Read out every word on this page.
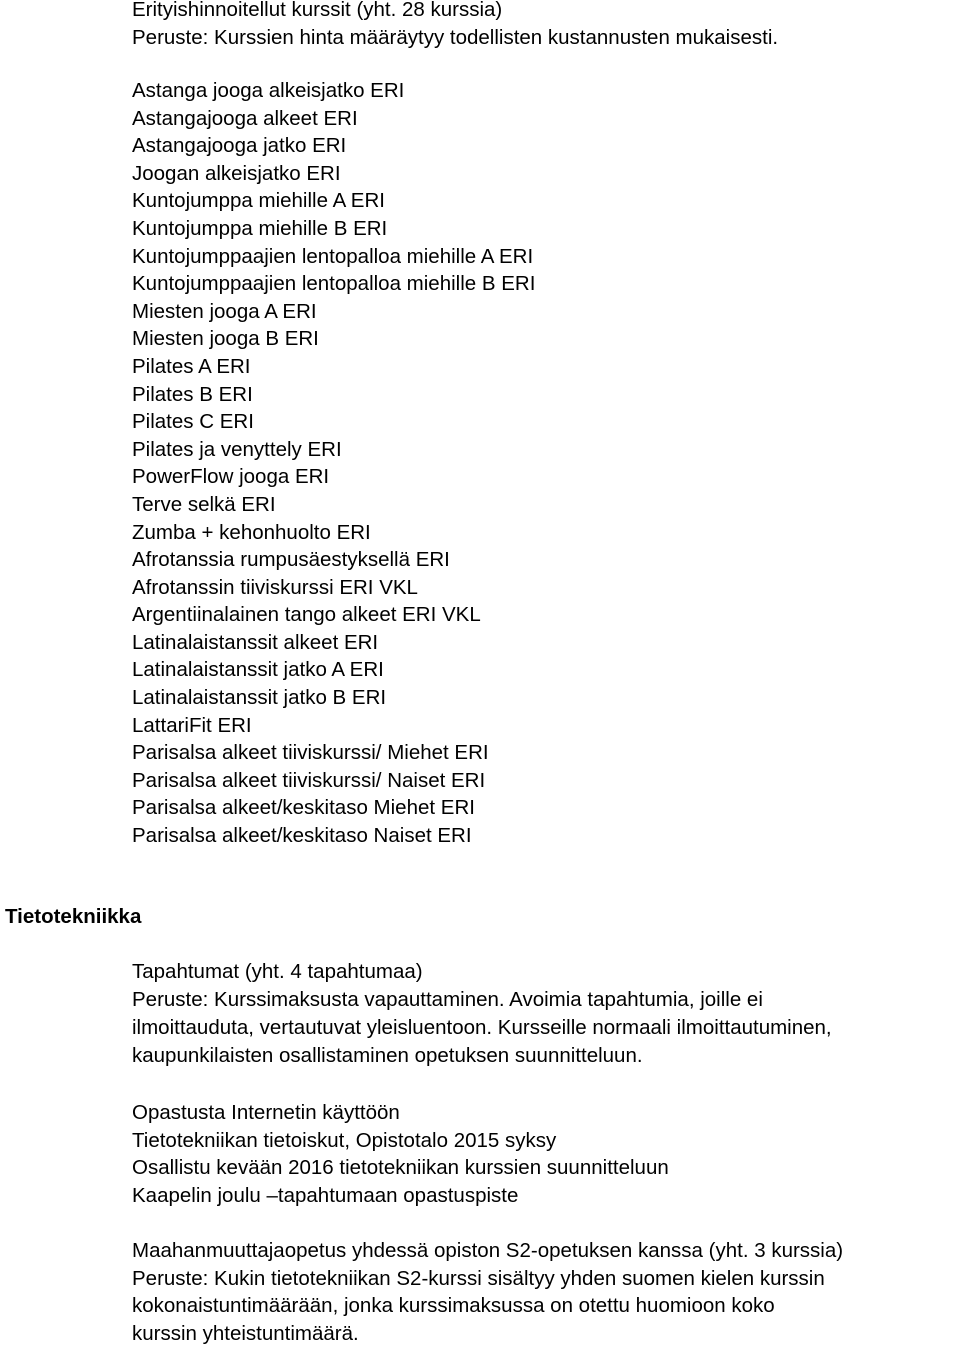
Erityishinnoitellut kurssit (yht. 28 kurssia)
Peruste: Kurssien hinta määräytyy todellisten kustannusten mukaisesti.
Astanga jooga alkeisjatko ERI
Astangajooga alkeet ERI
Astangajooga jatko ERI
Joogan alkeisjatko ERI
Kuntojumppa miehille A ERI
Kuntojumppa miehille B ERI
Kuntojumppaajien lentopalloa miehille A ERI
Kuntojumppaajien lentopalloa miehille B ERI
Miesten jooga A ERI
Miesten jooga B ERI
Pilates A ERI
Pilates B ERI
Pilates C ERI
Pilates ja venyttely ERI
PowerFlow jooga ERI
Terve selkä ERI
Zumba + kehonhuolto ERI
Afrotanssia rumpusäestyksellä ERI
Afrotanssin tiiviskurssi ERI VKL
Argentiinalainen tango alkeet ERI VKL
Latinalaistanssit alkeet ERI
Latinalaistanssit jatko A ERI
Latinalaistanssit jatko B ERI
LattariFit ERI
Parisalsa alkeet tiiviskurssi/ Miehet ERI
Parisalsa alkeet tiiviskurssi/ Naiset ERI
Parisalsa alkeet/keskitaso Miehet ERI
Parisalsa alkeet/keskitaso Naiset ERI
Tietotekniikka
Tapahtumat (yht. 4 tapahtumaa)
Peruste: Kurssimaksusta vapauttaminen. Avoimia tapahtumia, joille ei
ilmoittauduta, vertautuvat yleisluentoon. Kursseille normaali ilmoittautuminen,
kaupunkilaisten osallistaminen opetuksen suunnitteluun.
Opastusta Internetin käyttöön
Tietotekniikan tietoiskut, Opistotalo 2015 syksy
Osallistu kevään 2016 tietotekniikan kurssien suunnitteluun
Kaapelin joulu –tapahtumaan opastuspiste
Maahanmuuttajaopetus yhdessä opiston S2-opetuksen kanssa (yht. 3 kurssia)
Peruste: Kukin tietotekniikan S2-kurssi sisältyy yhden suomen kielen kurssin
kokonaistuntimäärään, jonka kurssimaksussa on otettu huomioon koko
kurssin yhteistuntimäärä.
